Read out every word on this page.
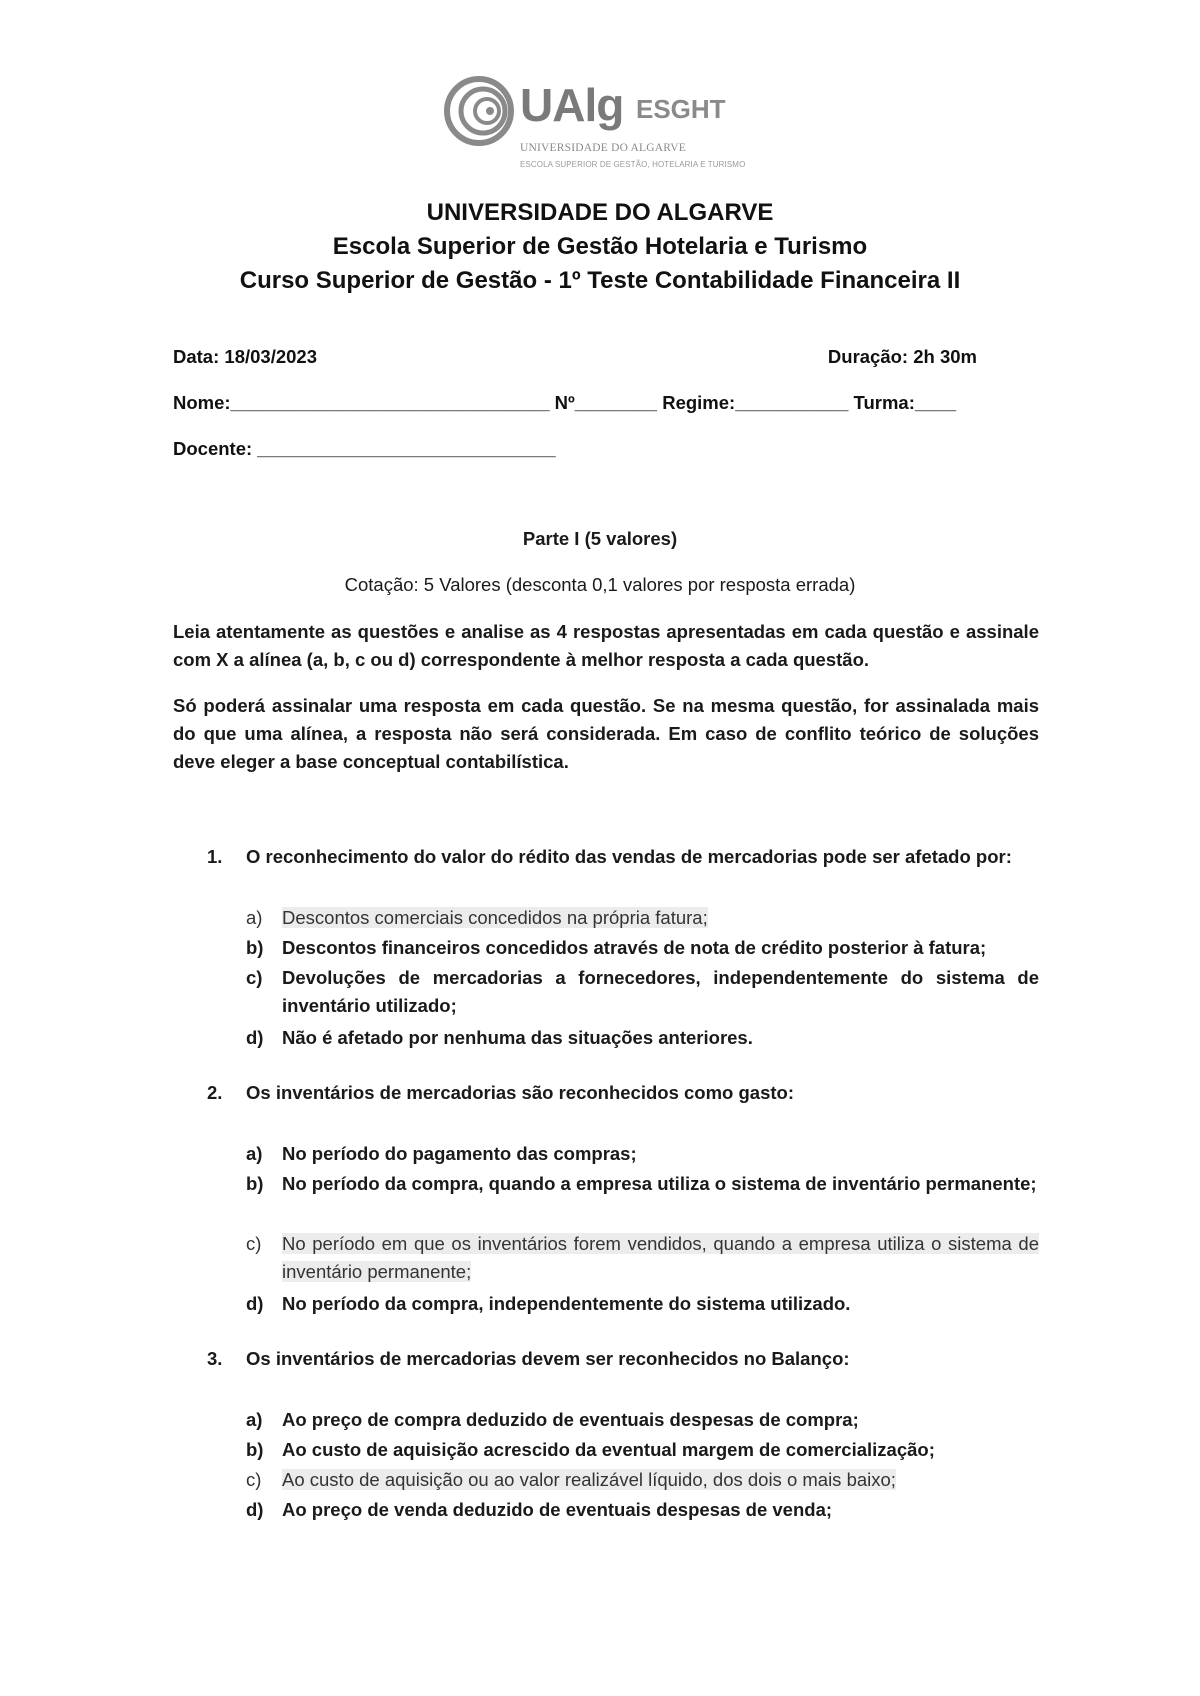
UAlg ESGHT
UNIVERSIDADE DO ALGARVE
ESCOLA SUPERIOR DE GESTÃO, HOTELARIA E TURISMO
UNIVERSIDADE DO ALGARVE
Escola Superior de Gestão Hotelaria e Turismo
Curso Superior de Gestão - 1º Teste Contabilidade Financeira II
Data: 18/03/2023	Duração: 2h 30m
Nome:_______________________________ Nº________ Regime:___________ Turma:____
Docente: _____________________________
Parte I (5 valores)
Cotação: 5 Valores (desconta 0,1 valores por resposta errada)
Leia atentamente as questões e analise as 4 respostas apresentadas em cada questão e assinale com X a alínea (a, b, c ou d) correspondente à melhor resposta a cada questão.
Só poderá assinalar uma resposta em cada questão. Se na mesma questão, for assinalada mais do que uma alínea, a resposta não será considerada. Em caso de conflito teórico de soluções deve eleger a base conceptual contabilística.
1. O reconhecimento do valor do rédito das vendas de mercadorias pode ser afetado por:
a) Descontos comerciais concedidos na própria fatura;
b) Descontos financeiros concedidos através de nota de crédito posterior à fatura;
c) Devoluções de mercadorias a fornecedores, independentemente do sistema de inventário utilizado;
d) Não é afetado por nenhuma das situações anteriores.
2. Os inventários de mercadorias são reconhecidos como gasto:
a) No período do pagamento das compras;
b) No período da compra, quando a empresa utiliza o sistema de inventário permanente;
c) No período em que os inventários forem vendidos, quando a empresa utiliza o sistema de inventário permanente;
d) No período da compra, independentemente do sistema utilizado.
3. Os inventários de mercadorias devem ser reconhecidos no Balanço:
a) Ao preço de compra deduzido de eventuais despesas de compra;
b) Ao custo de aquisição acrescido da eventual margem de comercialização;
c) Ao custo de aquisição ou ao valor realizável líquido, dos dois o mais baixo;
d) Ao preço de venda deduzido de eventuais despesas de venda;
